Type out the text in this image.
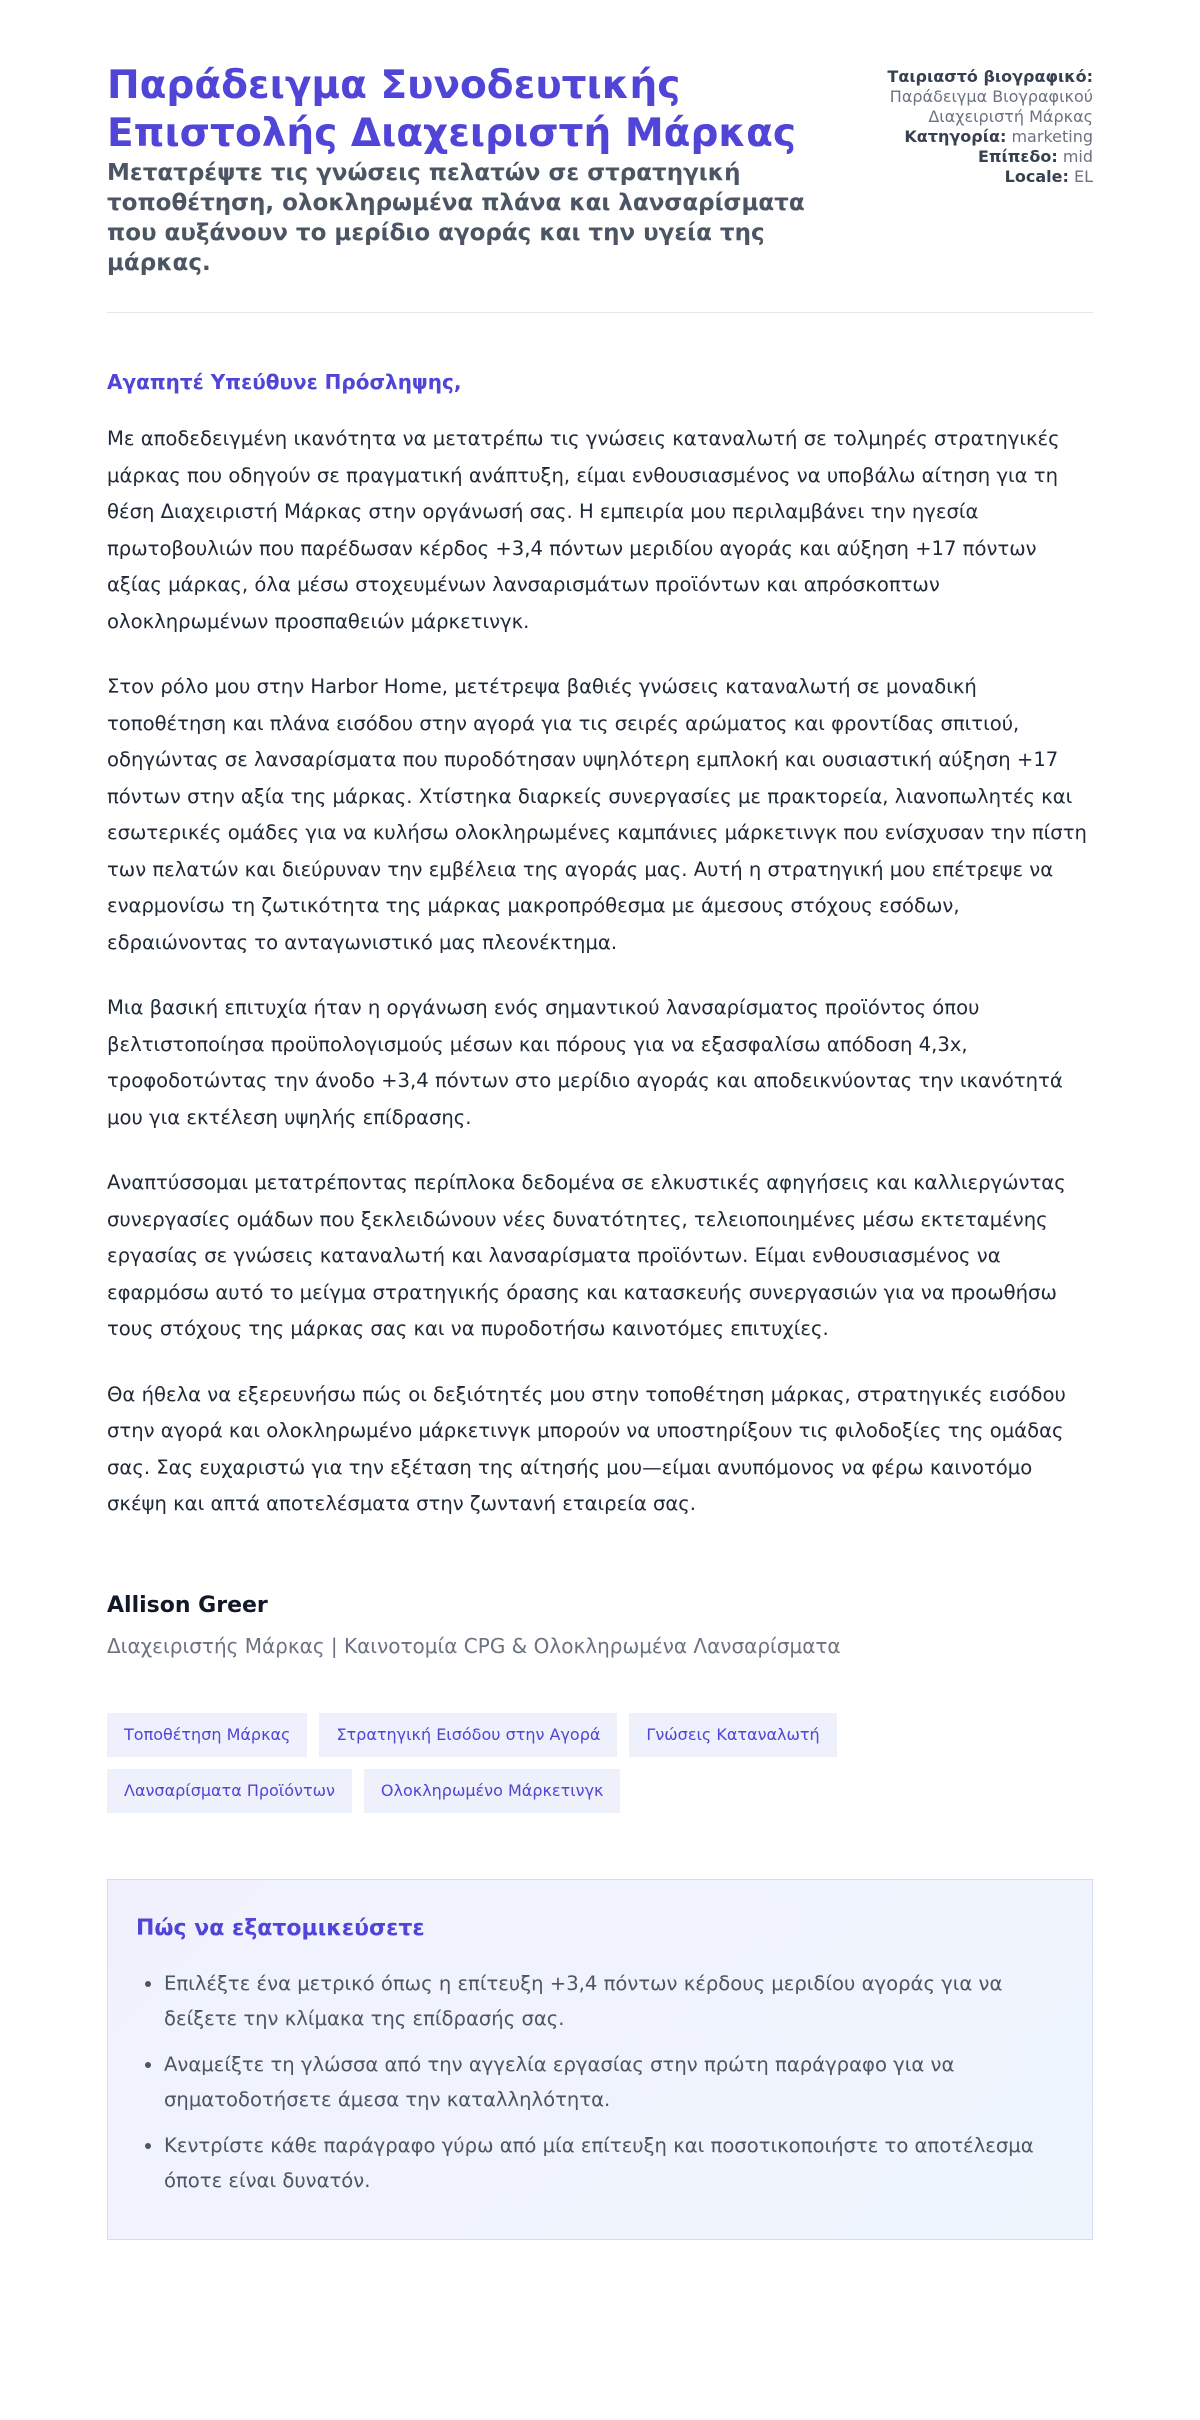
Παράδειγμα Συνοδευτικής Επιστολής Διαχειριστή Μάρκας

Μετατρέψτε τις γνώσεις πελατών σε στρατηγική τοποθέτηση, ολοκληρωμένα πλάνα και λανσαρίσματα που αυξάνουν το μερίδιο αγοράς και την υγεία της μάρκας.

Ταιριαστό βιογραφικό: Παράδειγμα Βιογραφικού Διαχειριστή Μάρκας
Κατηγορία: marketing
Επίπεδο: mid
Locale: EL

Αγαπητέ Υπεύθυνε Πρόσληψης,

Με αποδεδειγμένη ικανότητα να μετατρέπω τις γνώσεις καταναλωτή σε τολμηρές στρατηγικές μάρκας που οδηγούν σε πραγματική ανάπτυξη, είμαι ενθουσιασμένος να υποβάλω αίτηση για τη θέση Διαχειριστή Μάρκας στην οργάνωσή σας. Η εμπειρία μου περιλαμβάνει την ηγεσία πρωτοβουλιών που παρέδωσαν κέρδος +3,4 πόντων μεριδίου αγοράς και αύξηση +17 πόντων αξίας μάρκας, όλα μέσω στοχευμένων λανσαρισμάτων προϊόντων και απρόσκοπτων ολοκληρωμένων προσπαθειών μάρκετινγκ.

Στον ρόλο μου στην Harbor Home, μετέτρεψα βαθιές γνώσεις καταναλωτή σε μοναδική τοποθέτηση και πλάνα εισόδου στην αγορά για τις σειρές αρώματος και φροντίδας σπιτιού, οδηγώντας σε λανσαρίσματα που πυροδότησαν υψηλότερη εμπλοκή και ουσιαστική αύξηση +17 πόντων στην αξία της μάρκας. Χτίστηκα διαρκείς συνεργασίες με πρακτορεία, λιανοπωλητές και εσωτερικές ομάδες για να κυλήσω ολοκληρωμένες καμπάνιες μάρκετινγκ που ενίσχυσαν την πίστη των πελατών και διεύρυναν την εμβέλεια της αγοράς μας. Αυτή η στρατηγική μου επέτρεψε να εναρμονίσω τη ζωτικότητα της μάρκας μακροπρόθεσμα με άμεσους στόχους εσόδων, εδραιώνοντας το ανταγωνιστικό μας πλεονέκτημα.

Μια βασική επιτυχία ήταν η οργάνωση ενός σημαντικού λανσαρίσματος προϊόντος όπου βελτιστοποίησα προϋπολογισμούς μέσων και πόρους για να εξασφαλίσω απόδοση 4,3x, τροφοδοτώντας την άνοδο +3,4 πόντων στο μερίδιο αγοράς και αποδεικνύοντας την ικανότητά μου για εκτέλεση υψηλής επίδρασης.

Αναπτύσσομαι μετατρέποντας περίπλοκα δεδομένα σε ελκυστικές αφηγήσεις και καλλιεργώντας συνεργασίες ομάδων που ξεκλειδώνουν νέες δυνατότητες, τελειοποιημένες μέσω εκτεταμένης εργασίας σε γνώσεις καταναλωτή και λανσαρίσματα προϊόντων. Είμαι ενθουσιασμένος να εφαρμόσω αυτό το μείγμα στρατηγικής όρασης και κατασκευής συνεργασιών για να προωθήσω τους στόχους της μάρκας σας και να πυροδοτήσω καινοτόμες επιτυχίες.

Θα ήθελα να εξερευνήσω πώς οι δεξιότητές μου στην τοποθέτηση μάρκας, στρατηγικές εισόδου στην αγορά και ολοκληρωμένο μάρκετινγκ μπορούν να υποστηρίξουν τις φιλοδοξίες της ομάδας σας. Σας ευχαριστώ για την εξέταση της αίτησής μου—είμαι ανυπόμονος να φέρω καινοτόμο σκέψη και απτά αποτελέσματα στην ζωντανή εταιρεία σας.

Allison Greer

Διαχειριστής Μάρκας | Καινοτομία CPG & Ολοκληρωμένα Λανσαρίσματα

Τοποθέτηση Μάρκας	Στρατηγική Εισόδου στην Αγορά	Γνώσεις Καταναλωτή
Λανσαρίσματα Προϊόντων	Ολοκληρωμένο Μάρκετινγκ
Πώς να εξατομικεύσετε
• Επιλέξτε ένα μετρικό όπως η επίτευξη +3,4 πόντων κέρδους μεριδίου αγοράς για να δείξετε την κλίμακα της επίδρασής σας.
• Αναμείξτε τη γλώσσα από την αγγελία εργασίας στην πρώτη παράγραφο για να σηματοδοτήσετε άμεσα την καταλληλότητα.
• Κεντρίστε κάθε παράγραφο γύρω από μία επίτευξη και ποσοτικοποιήστε το αποτέλεσμα όποτε είναι δυνατόν.
